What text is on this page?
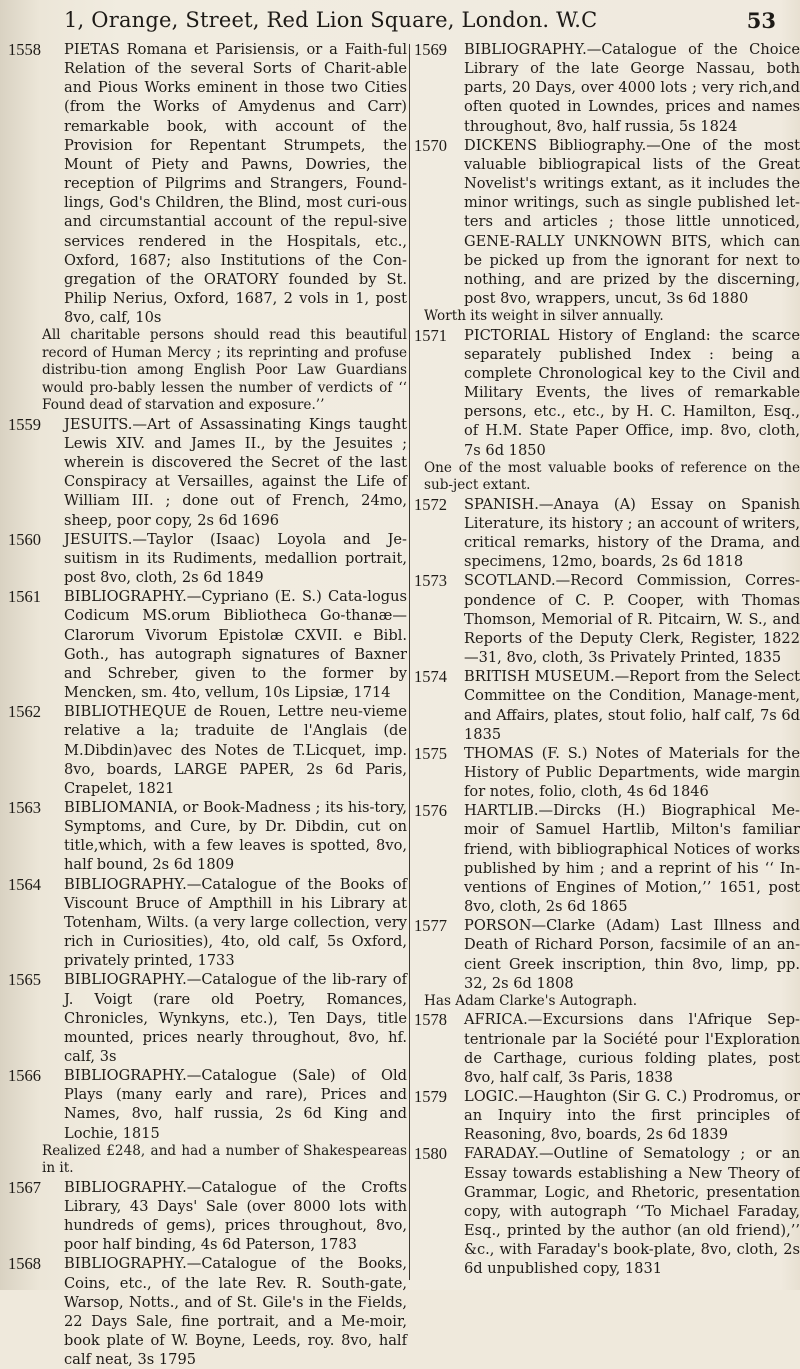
1, Orange, Street, Red Lion Square, London. W.C	53
1558	PIETAS Romana et Parisiensis, or a Faith-ful Relation of the several Sorts of Charit-able and Pious Works eminent in those two Cities (from the Works of Amydenus and Carr) remarkable book, with account of the Provision for Repentant Strumpets, the Mount of Piety and Pawns, Dowries, the reception of Pilgrims and Strangers, Found-lings, God's Children, the Blind, most curi-ous and circumstantial account of the repul-sive services rendered in the Hospitals, etc., Oxford, 1687; also Institutions of the Con-gregation of the ORATORY founded by St. Philip Nerius, Oxford, 1687, 2 vols in 1, post 8vo, calf, 10s
All charitable persons should read this beautiful record of Human Mercy ; its reprinting and profuse distribu-tion among English Poor Law Guardians would pro-bably lessen the number of verdicts of ‘‘ Found dead of starvation and exposure.’’
1559	JESUITS.—Art of Assassinating Kings taught Lewis XIV. and James II., by the Jesuites ; wherein is discovered the Secret of the last Conspiracy at Versailles, against the Life of William III. ; done out of French, 24mo, sheep, poor copy, 2s 6d 1696
1560	JESUITS.—Taylor (Isaac) Loyola and Je-suitism in its Rudiments, medallion portrait, post 8vo, cloth, 2s 6d 1849
1561	BIBLIOGRAPHY.—Cypriano (E. S.) Cata-logus Codicum MS.orum Bibliotheca Go-thanæ—Clarorum Vivorum Epistolæ CXVII. e Bibl. Goth., has autograph signatures of Baxner and Schreber, given to the former by Mencken, sm. 4to, vellum, 10s Lipsiæ, 1714
1562	BIBLIOTHEQUE de Rouen, Lettre neu-vieme relative a la; traduite de l'Anglais (de M.Dibdin)avec des Notes de T.Licquet, imp. 8vo, boards, LARGE PAPER, 2s 6d Paris, Crapelet, 1821
1563	BIBLIOMANIA, or Book-Madness ; its his-tory, Symptoms, and Cure, by Dr. Dibdin, cut on title,which, with a few leaves is spotted, 8vo, half bound, 2s 6d 1809
1564	BIBLIOGRAPHY.—Catalogue of the Books of Viscount Bruce of Ampthill in his Library at Totenham, Wilts. (a very large collection, very rich in Curiosities), 4to, old calf, 5s Oxford, privately printed, 1733
1565	BIBLIOGRAPHY.—Catalogue of the lib-rary of J. Voigt (rare old Poetry, Romances, Chronicles, Wynkyns, etc.), Ten Days, title mounted, prices nearly throughout, 8vo, hf. calf, 3s
1566	BIBLIOGRAPHY.—Catalogue (Sale) of Old Plays (many early and rare), Prices and Names, 8vo, half russia, 2s 6d King and Lochie, 1815
Realized £248, and had a number of Shakespeareas in it.
1567	BIBLIOGRAPHY.—Catalogue of the Crofts Library, 43 Days' Sale (over 8000 lots with hundreds of gems), prices throughout, 8vo, poor half binding, 4s 6d Paterson, 1783
1568	BIBLIOGRAPHY.—Catalogue of the Books, Coins, etc., of the late Rev. R. South-gate, Warsop, Notts., and of St. Gile's in the Fields, 22 Days Sale, fine portrait, and a Me-moir, book plate of W. Boyne, Leeds, roy. 8vo, half calf neat, 3s 1795
1569	BIBLIOGRAPHY.—Catalogue of the Choice Library of the late George Nassau, both parts, 20 Days, over 4000 lots ; very rich,and often quoted in Lowndes, prices and names throughout, 8vo, half russia, 5s 1824
1570	DICKENS Bibliography.—One of the most valuable bibliograpical lists of the Great Novelist's writings extant, as it includes the minor writings, such as single published let-ters and articles ; those little unnoticed, GENE-RALLY UNKNOWN BITS, which can be picked up from the ignorant for next to nothing, and are prized by the discerning, post 8vo, wrappers, uncut, 3s 6d 1880
Worth its weight in silver annually.
1571	PICTORIAL History of England: the scarce separately published Index : being a complete Chronological key to the Civil and Military Events, the lives of remarkable persons, etc., etc., by H. C. Hamilton, Esq., of H.M. State Paper Office, imp. 8vo, cloth, 7s 6d 1850
One of the most valuable books of reference on the sub-ject extant.
1572	SPANISH.—Anaya (A) Essay on Spanish Literature, its history ; an account of writers, critical remarks, history of the Drama, and specimens, 12mo, boards, 2s 6d 1818
1573	SCOTLAND.—Record Commission, Corres-pondence of C. P. Cooper, with Thomas Thomson, Memorial of R. Pitcairn, W. S., and Reports of the Deputy Clerk, Register, 1822—31, 8vo, cloth, 3s Privately Printed, 1835
1574	BRITISH MUSEUM.—Report from the Select Committee on the Condition, Manage-ment, and Affairs, plates, stout folio, half calf, 7s 6d 1835
1575	THOMAS (F. S.) Notes of Materials for the History of Public Departments, wide margin for notes, folio, cloth, 4s 6d 1846
1576	HARTLIB.—Dircks (H.) Biographical Me-moir of Samuel Hartlib, Milton's familiar friend, with bibliographical Notices of works published by him ; and a reprint of his ‘‘ In-ventions of Engines of Motion,’’ 1651, post 8vo, cloth, 2s 6d 1865
1577	PORSON—Clarke (Adam) Last Illness and Death of Richard Porson, facsimile of an an-cient Greek inscription, thin 8vo, limp, pp. 32, 2s 6d 1808
Has Adam Clarke's Autograph.
1578	AFRICA.—Excursions dans l'Afrique Sep-tentrionale par la Société pour l'Exploration de Carthage, curious folding plates, post 8vo, half calf, 3s Paris, 1838
1579	LOGIC.—Haughton (Sir G. C.) Prodromus, or an Inquiry into the first principles of Reasoning, 8vo, boards, 2s 6d 1839
1580	FARADAY.—Outline of Sematology ; or an Essay towards establishing a New Theory of Grammar, Logic, and Rhetoric, presentation copy, with autograph ‘‘To Michael Faraday, Esq., printed by the author (an old friend),’’ &c., with Faraday's book-plate, 8vo, cloth, 2s 6d unpublished copy, 1831
